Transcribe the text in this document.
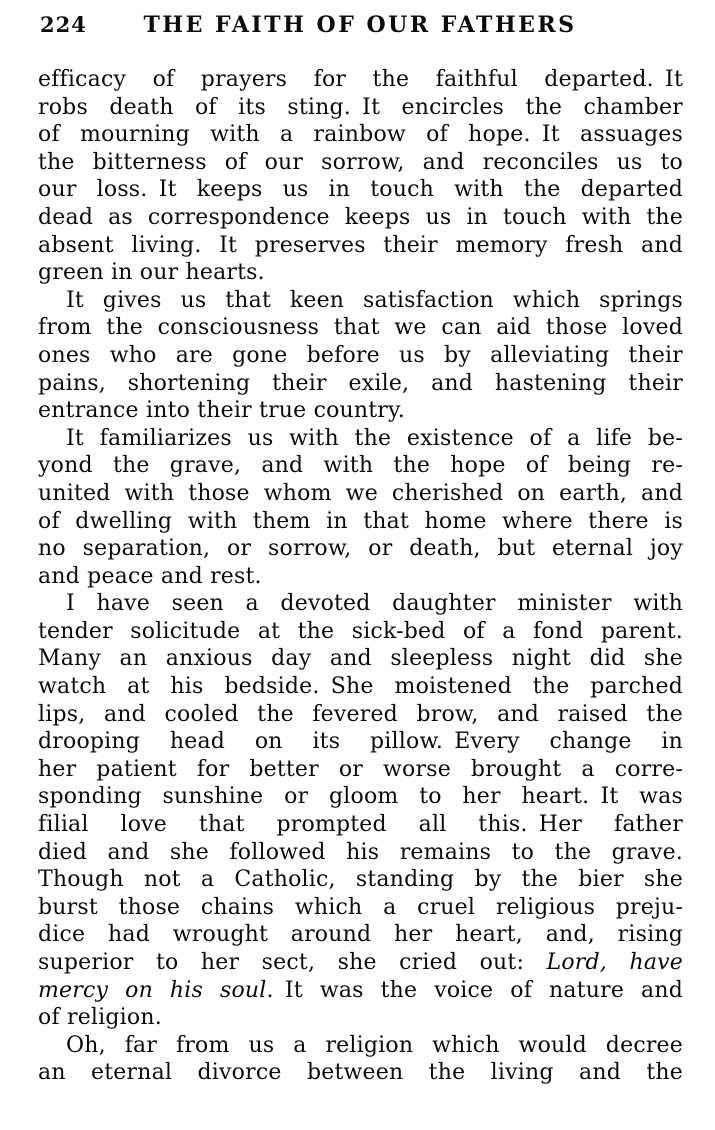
224	THE FAITH OF OUR FATHERS
efficacy of prayers for the faithful departed. It
robs death of its sting. It encircles the chamber
of mourning with a rainbow of hope. It assuages
the bitterness of our sorrow, and reconciles us to
our loss. It keeps us in touch with the departed
dead as correspondence keeps us in touch with the
absent living. It preserves their memory fresh and
green in our hearts.
It gives us that keen satisfaction which springs
from the consciousness that we can aid those loved
ones who are gone before us by alleviating their
pains, shortening their exile, and hastening their
entrance into their true country.
It familiarizes us with the existence of a life be-
yond the grave, and with the hope of being re-
united with those whom we cherished on earth, and
of dwelling with them in that home where there is
no separation, or sorrow, or death, but eternal joy
and peace and rest.
I have seen a devoted daughter minister with
tender solicitude at the sick-bed of a fond parent.
Many an anxious day and sleepless night did she
watch at his bedside. She moistened the parched
lips, and cooled the fevered brow, and raised the
drooping head on its pillow. Every change in
her patient for better or worse brought a corre-
sponding sunshine or gloom to her heart. It was
filial love that prompted all this. Her father
died and she followed his remains to the grave.
Though not a Catholic, standing by the bier she
burst those chains which a cruel religious preju-
dice had wrought around her heart, and, rising
superior to her sect, she cried out: Lord, have
mercy on his soul. It was the voice of nature and
of religion.
Oh, far from us a religion which would decree
an eternal divorce between the living and the
